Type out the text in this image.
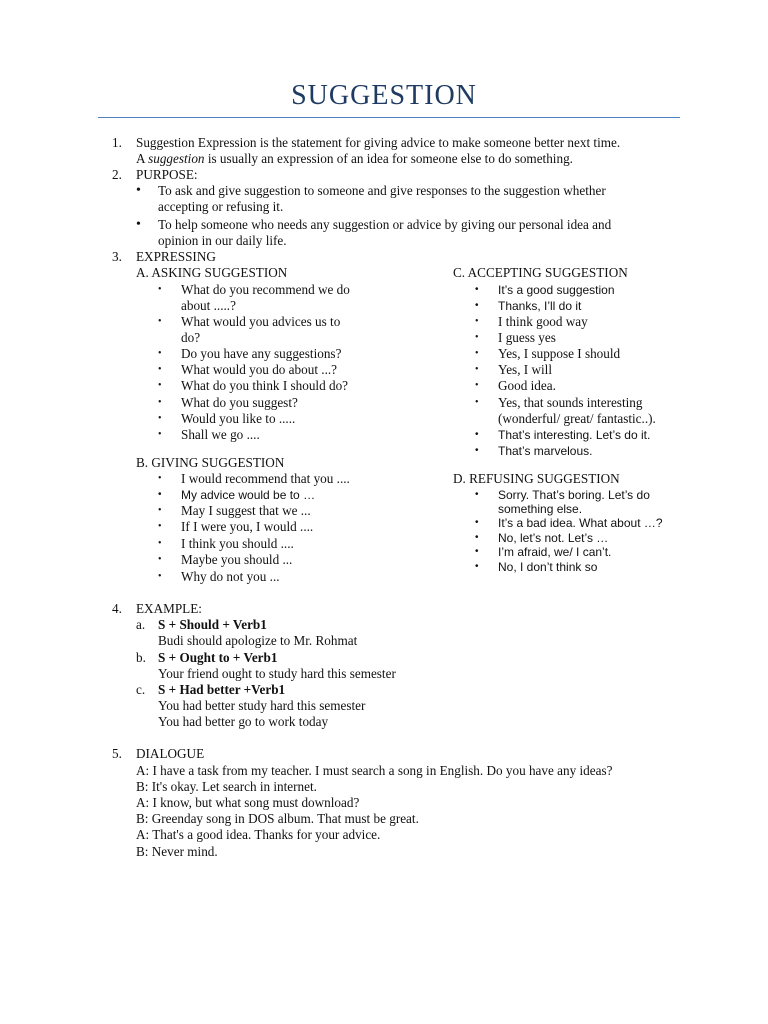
SUGGESTION
1.	Suggestion Expression is the statement for giving advice to make someone better next time.
A suggestion is usually an expression of an idea for someone else to do something.
2.	PURPOSE:
• To ask and give suggestion to someone and give responses to the suggestion whether
accepting or refusing it.
• To help someone who needs any suggestion or advice by giving our personal idea and
opinion in our daily life.
3.	EXPRESSING
A. ASKING SUGGESTION
• What do you recommend we do
about .....?
• What would you advices us to
do?
• Do you have any suggestions?
• What would you do about ...?
• What do you think I should do?
• What do you suggest?
• Would you like to .....
• Shall we go ....
B. GIVING SUGGESTION
• I would recommend that you ....
• My advice would be to …
• May I suggest that we ...
• If I were you, I would ....
• I think you should ....
• Maybe you should ...
• Why do not you ...
C. ACCEPTING SUGGESTION
• It’s a good suggestion
• Thanks, I’ll do it
• I think good way
• I guess yes
• Yes, I suppose I should
• Yes, I will
• Good idea.
• Yes, that sounds interesting
(wonderful/ great/ fantastic..).
• That’s interesting. Let’s do it.
• That’s marvelous.
D. REFUSING SUGGESTION
• Sorry. That’s boring. Let’s do
something else.
• It’s a bad idea. What about …?
• No, let’s not. Let’s …
• I’m afraid, we/ I can’t.
• No, I don’t think so
4.	EXAMPLE:
a. S + Should + Verb1
Budi should apologize to Mr. Rohmat
b. S + Ought to + Verb1
Your friend ought to study hard this semester
c. S + Had better +Verb1
You had better study hard this semester
You had better go to work today
5.	DIALOGUE
A: I have a task from my teacher. I must search a song in English. Do you have any ideas?
B: It's okay. Let search in internet.
A: I know, but what song must download?
B: Greenday song in DOS album. That must be great.
A: That's a good idea. Thanks for your advice.
B: Never mind.
